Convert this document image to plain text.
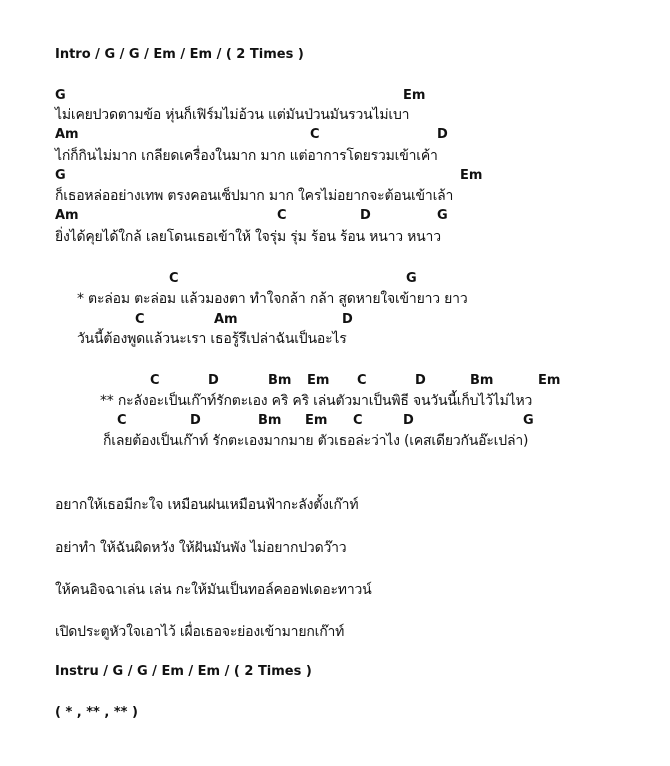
Intro / G / G / Em / Em / ( 2 Times )
G	Em
ไม่เคยปวดตามข้อ หุ่นก็เฟิร์มไม่อ้วน แต่มันป่วนมันรวนไม่เบา
Am	C	D
ไก่ก็กินไม่มาก เกลียดเครื่องในมาก มาก แต่อาการโดยรวมเข้าเค้า
G	Em
ก็เธอหล่ออย่างเทพ ตรงคอนเซ็ปมาก มาก ใครไม่อยากจะต้อนเข้าเล้า
Am	C	D	G
ยิ่งได้คุยได้ใกล้ เลยโดนเธอเข้าให้ ใจรุ่ม รุ่ม ร้อน ร้อน หนาว หนาว
C	G
* ตะล่อม ตะล่อม แล้วมองตา ทำใจกล้า กล้า สูดหายใจเข้ายาว ยาว
C	Am	D
วันนี้ต้องพูดแล้วนะเรา เธอรู้รึเปล่าฉันเป็นอะไร
C	D	Bm Em C	D	Bm	Em
** กะลังอะเป็นเก๊าท์รักตะเอง คริ คริ เล่นตัวมาเป็นพิธี จนวันนี้เก็บไว้ไม่ไหว
C	D	Bm Em C	D	G
ก็เลยต้องเป็นเก๊าท์ รักตะเองมากมาย ตัวเธอล่ะว่าไง (เคสเดียวกันอ๊ะเปล่า)
อยากให้เธอมีกะใจ เหมือนฝนเหมือนฟ้ากะลังตั้งเก๊าท์
อย่าทำ ให้ฉันผิดหวัง ให้ฝันมันพัง ไม่อยากปวดว๊าว
ให้คนอิจฉาเล่น เล่น กะให้มันเป็นทอล์คออฟเดอะทาวน์
เปิดประตูหัวใจเอาไว้ เผื่อเธอจะย่องเข้ามายกเก๊าท์
Instru / G / G / Em / Em / ( 2 Times )
( * , ** , ** )
